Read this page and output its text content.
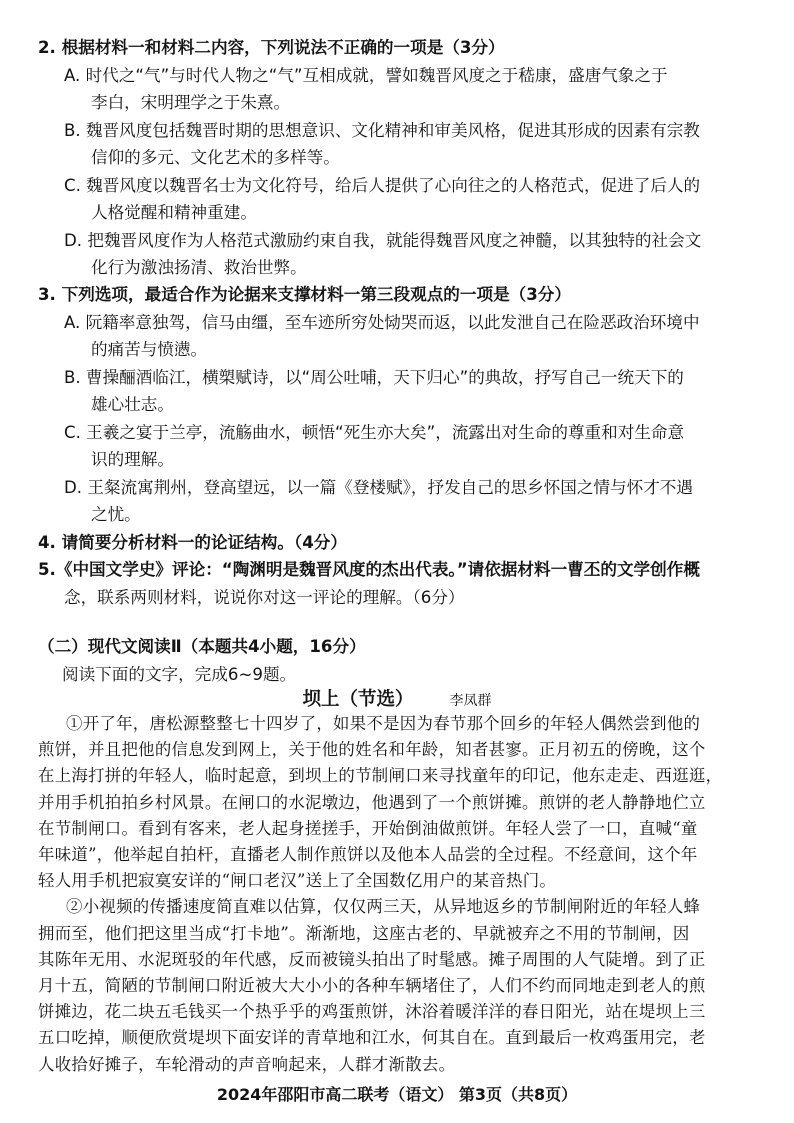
2. 根据材料一和材料二内容，下列说法不正确的一项是（3分）
A. 时代之“气”与时代人物之“气”互相成就，譬如魏晋风度之于嵇康，盛唐气象之于
李白，宋明理学之于朱熹。
B. 魏晋风度包括魏晋时期的思想意识、文化精神和审美风格，促进其形成的因素有宗教
信仰的多元、文化艺术的多样等。
C. 魏晋风度以魏晋名士为文化符号，给后人提供了心向往之的人格范式，促进了后人的
人格觉醒和精神重建。
D. 把魏晋风度作为人格范式激励约束自我，就能得魏晋风度之神髓，以其独特的社会文
化行为激浊扬清、救治世弊。
3. 下列选项，最适合作为论据来支撑材料一第三段观点的一项是（3分）
A. 阮籍率意独驾，信马由缰，至车迹所穷处恸哭而返，以此发泄自己在险恶政治环境中
的痛苦与愤懑。
B. 曹操酾酒临江，横槊赋诗，以“周公吐哺，天下归心”的典故，抒写自己一统天下的
雄心壮志。
C. 王羲之宴于兰亭，流觞曲水，顿悟“死生亦大矣”，流露出对生命的尊重和对生命意
识的理解。
D. 王粲流寓荆州，登高望远，以一篇《登楼赋》，抒发自己的思乡怀国之情与怀才不遇
之忧。
4. 请简要分析材料一的论证结构。（4分）
5.《中国文学史》评论：“陶渊明是魏晋风度的杰出代表。”请依据材料一曹丕的文学创作概
念，联系两则材料，说说你对这一评论的理解。（6分）
（二）现代文阅读Ⅱ（本题共4小题，16分）
阅读下面的文字，完成6~9题。
坝上（节选）	李凤群
①开了年，唐松源整整七十四岁了，如果不是因为春节那个回乡的年轻人偶然尝到他的
煎饼，并且把他的信息发到网上，关于他的姓名和年龄，知者甚寥。正月初五的傍晚，这个
在上海打拼的年轻人，临时起意，到坝上的节制闸口来寻找童年的印记，他东走走、西逛逛，
并用手机拍拍乡村风景。在闸口的水泥墩边，他遇到了一个煎饼摊。煎饼的老人静静地伫立
在节制闸口。看到有客来，老人起身搓搓手，开始倒油做煎饼。年轻人尝了一口，直喊“童
年味道”，他举起自拍杆，直播老人制作煎饼以及他本人品尝的全过程。不经意间，这个年
轻人用手机把寂寞安详的“闸口老汉”送上了全国数亿用户的某音热门。
②小视频的传播速度简直难以估算，仅仅两三天，从异地返乡的节制闸附近的年轻人蜂
拥而至，他们把这里当成“打卡地”。渐渐地，这座古老的、早就被弃之不用的节制闸，因
其陈年无用、水泥斑驳的年代感，反而被镜头拍出了时髦感。摊子周围的人气陡增。到了正
月十五，简陋的节制闸口附近被大大小小的各种车辆堵住了，人们不约而同地走到老人的煎
饼摊边，花二块五毛钱买一个热乎乎的鸡蛋煎饼，沐浴着暖洋洋的春日阳光，站在堤坝上三
五口吃掉，顺便欣赏堤坝下面安详的青草地和江水，何其自在。直到最后一枚鸡蛋用完，老
人收拾好摊子，车轮滑动的声音响起来，人群才渐散去。
2024年邵阳市高二联考（语文） 第3页（共8页）
